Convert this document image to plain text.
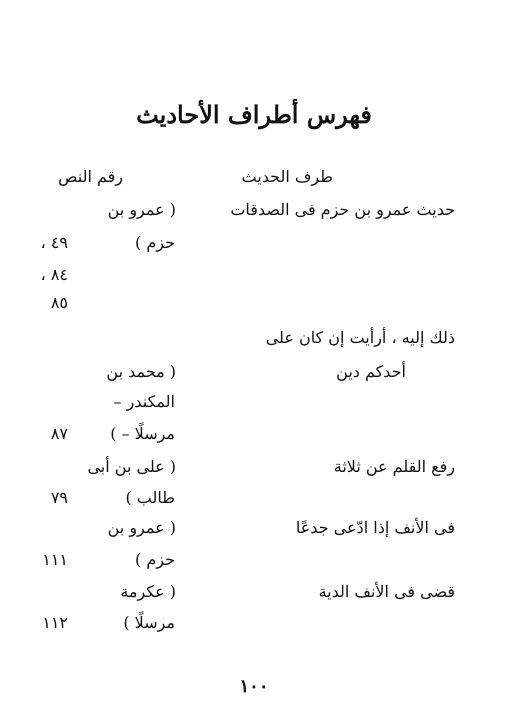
فهرس أطراف الأحاديث
طرف الحديث
رقم النص
حديث عمرو بن حزم فى الصدقات
( عمرو بن
حزم )
٤٩ ،
٨٤ ،
٨٥
ذلك إليه ، أرأيت إن كان على
أحدكم دين
( محمد بن
المكندر –
مرسلًا – )
٨٧
رفع القلم عن ثلاثة
( على بن أبى
طالب )
٧٩
فى الأنف إذا ادّعى جدعًا
( عمرو بن
حزم )
١١١
قضى فى الأنف الدية
( عكرمة
مرسلًا )
١١٢
١٠٠
